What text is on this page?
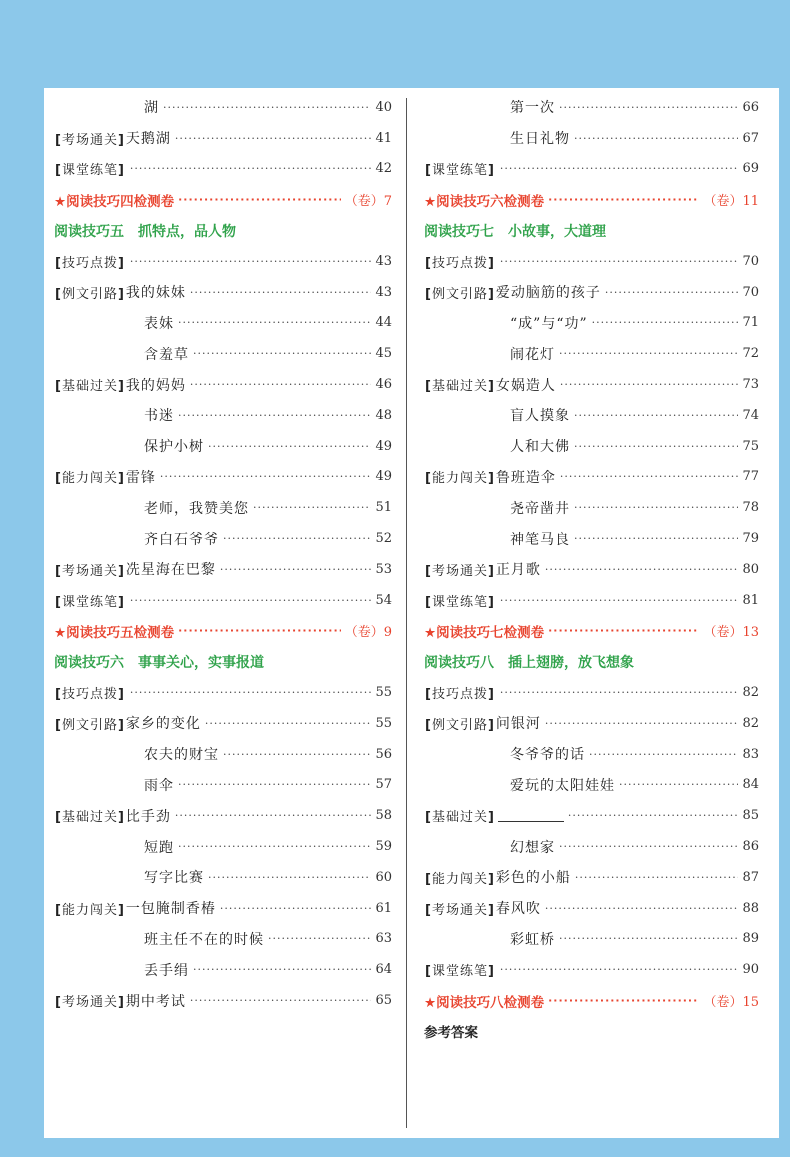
湖 ·····	40
[ 考场通关 ] 天鹅湖 ·····	41
[ 课堂练笔 ] ·····	42
★阅读技巧四检测卷 ·····	（卷）7
阅读技巧五 抓特点，品人物
[ 技巧点拨 ] ·····	43
[ 例文引路 ] 我的妹妹 ·····	43
表妹 ·····	44
含羞草 ·····	45
[ 基础过关 ] 我的妈妈 ·····	46
书迷 ·····	48
保护小树 ·····	49
[ 能力闯关 ] 雷锋 ·····	49
老师，我赞美您 ·····	51
齐白石爷爷 ·····	52
[ 考场通关 ] 冼星海在巴黎 ·····	53
[ 课堂练笔 ] ·····	54
★阅读技巧五检测卷 ·····	（卷）9
阅读技巧六 事事关心，实事报道
[ 技巧点拨 ] ·····	55
[ 例文引路 ] 家乡的变化 ·····	55
农夫的财宝 ·····	56
雨伞 ·····	57
[ 基础过关 ] 比手劲 ·····	58
短跑 ·····	59
写字比赛 ·····	60
[ 能力闯关 ] 一包腌制香椿 ·····	61
班主任不在的时候 ·····	63
丢手绢 ·····	64
[ 考场通关 ] 期中考试 ·····	65
第一次 ·····	66
生日礼物 ·····	67
[ 课堂练笔 ] ·····	69
★阅读技巧六检测卷 ·····	（卷）11
阅读技巧七 小故事，大道理
[ 技巧点拨 ] ·····	70
[ 例文引路 ] 爱动脑筋的孩子 ·····	70
“成”与“功” ·····	71
闹花灯 ·····	72
[ 基础过关 ] 女娲造人 ·····	73
盲人摸象 ·····	74
人和大佛 ·····	75
[ 能力闯关 ] 鲁班造伞 ·····	77
尧帝凿井 ·····	78
神笔马良 ·····	79
[ 考场通关 ] 正月歌 ·····	80
[ 课堂练笔 ] ·····	81
★阅读技巧七检测卷 ·····	（卷）13
阅读技巧八 插上翅膀，放飞想象
[ 技巧点拨 ] ·····	82
[ 例文引路 ] 问银河 ·····	82
冬爷爷的话 ·····	83
爱玩的太阳娃娃 ·····	84
[ 基础过关 ] ·····	85
幻想家 ·····	86
[ 能力闯关 ] 彩色的小船 ·····	87
[ 考场通关 ] 春风吹 ·····	88
彩虹桥 ·····	89
[ 课堂练笔 ] ·····	90
★阅读技巧八检测卷 ·····	（卷）15
参考答案
